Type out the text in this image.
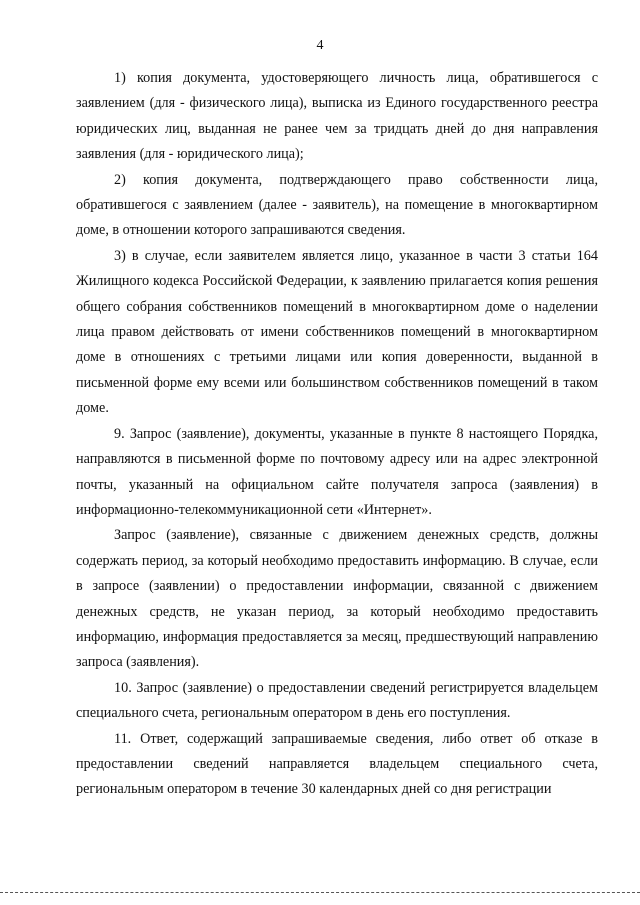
4

1) копия документа, удостоверяющего личность лица, обратившегося с заявлением (для - физического лица), выписка из Единого государственного реестра юридических лиц, выданная не ранее чем за тридцать дней до дня направления заявления (для - юридического лица);

2) копия документа, подтверждающего право собственности лица, обратившегося с заявлением (далее - заявитель), на помещение в многоквартирном доме, в отношении которого запрашиваются сведения.

3) в случае, если заявителем является лицо, указанное в части 3 статьи 164 Жилищного кодекса Российской Федерации, к заявлению прилагается копия решения общего собрания собственников помещений в многоквартирном доме о наделении лица правом действовать от имени собственников помещений в многоквартирном доме в отношениях с третьими лицами или копия доверенности, выданной в письменной форме ему всеми или большинством собственников помещений в таком доме.

9. Запрос (заявление), документы, указанные в пункте 8 настоящего Порядка, направляются в письменной форме по почтовому адресу или на адрес электронной почты, указанный на официальном сайте получателя запроса (заявления) в информационно-телекоммуникационной сети «Интернет».

Запрос (заявление), связанные с движением денежных средств, должны содержать период, за который необходимо предоставить информацию. В случае, если в запросе (заявлении) о предоставлении информации, связанной с движением денежных средств, не указан период, за который необходимо предоставить информацию, информация предоставляется за месяц, предшествующий направлению запроса (заявления).

10. Запрос (заявление) о предоставлении сведений регистрируется владельцем специального счета, региональным оператором в день его поступления.

11. Ответ, содержащий запрашиваемые сведения, либо ответ об отказе в предоставлении сведений направляется владельцем специального счета, региональным оператором в течение 30 календарных дней со дня регистрации
